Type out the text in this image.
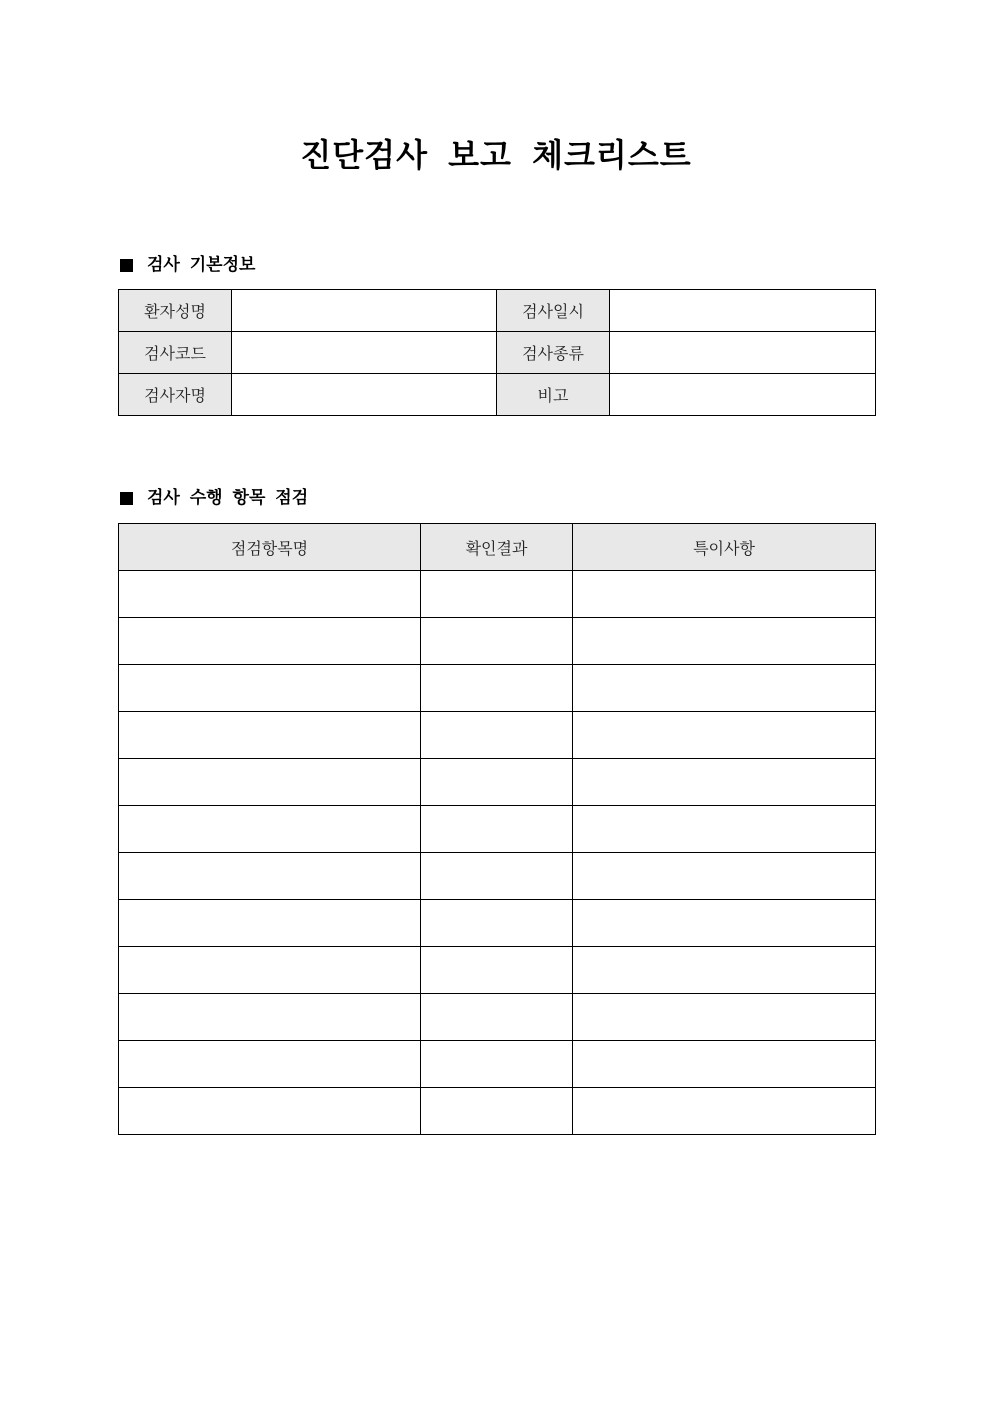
진단검사 보고 체크리스트
검사 기본정보
환자성명		검사일시	
검사코드		검사종류	
검사자명		비고	
검사 수행 항목 점검
점검항목명	확인결과	특이사항
